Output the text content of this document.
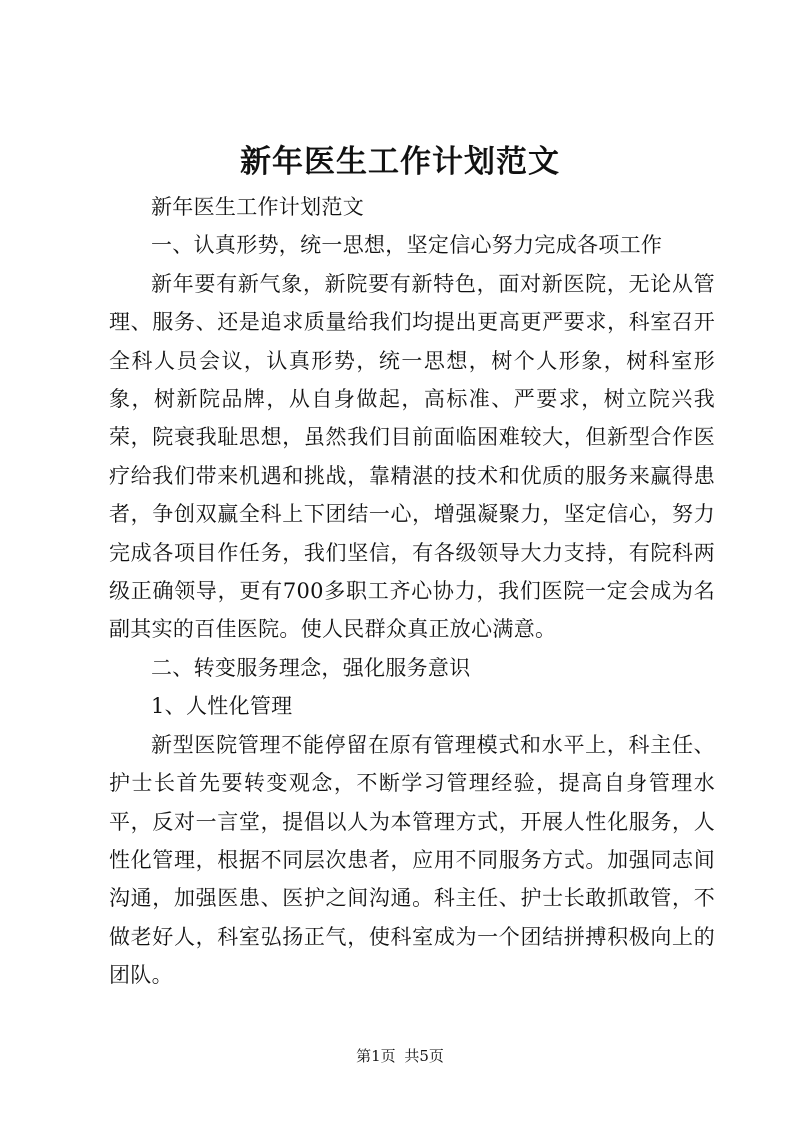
新年医生工作计划范文

新年医生工作计划范文

一、认真形势，统一思想，坚定信心努力完成各项工作

新年要有新气象，新院要有新特色，面对新医院，无论从管理、服务、还是追求质量给我们均提出更高更严要求，科室召开全科人员会议，认真形势，统一思想，树个人形象，树科室形象，树新院品牌，从自身做起，高标准、严要求，树立院兴我荣，院衰我耻思想，虽然我们目前面临困难较大，但新型合作医疗给我们带来机遇和挑战，靠精湛的技术和优质的服务来赢得患者，争创双赢全科上下团结一心，增强凝聚力，坚定信心，努力完成各项目作任务，我们坚信，有各级领导大力支持，有院科两级正确领导，更有700多职工齐心协力，我们医院一定会成为名副其实的百佳医院。使人民群众真正放心满意。

二、转变服务理念，强化服务意识

1、人性化管理

新型医院管理不能停留在原有管理模式和水平上，科主任、护士长首先要转变观念，不断学习管理经验，提高自身管理水平，反对一言堂，提倡以人为本管理方式，开展人性化服务，人性化管理，根据不同层次患者，应用不同服务方式。加强同志间沟通，加强医患、医护之间沟通。科主任、护士长敢抓敢管，不做老好人，科室弘扬正气，使科室成为一个团结拼搏积极向上的团队。

第1页 共5页
